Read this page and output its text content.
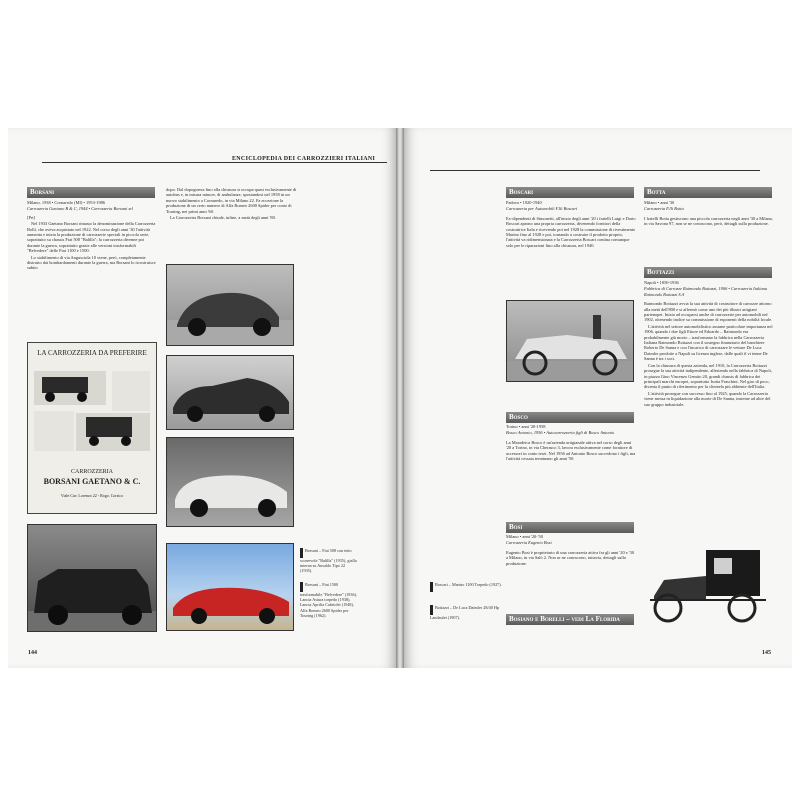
ENCICLOPEDIA DEI CARROZZIERI ITALIANI
Borsani

Milano, 1938 • Cornaredo (MI) • 1953-1986

Carrozzeria Gaetano B & C, 1944 • Carrozzeria Borsani srl

[Prt]

Nel 1933 Gaetano Borsani rimasto la denominazione della Carrozzeria Bolli, che aveva acquistato nel 1922. Nel corso degli anni '30 l'attività aumenta e inizia la produzione di carrozzerie speciali in piccola serie, soprattutto su chassis Fiat 508 "Balilla"; la carrozzeria divenne poi durante la guerra, soprattutto grazie alle versioni trasformabili "Belvedere" delle Fiat 1100 e 1500.

Lo stabilimento di via Angusciola 10 viene, però, completamente distrutto dai bombardamenti durante la guerra, ma Borsani lo ricostruisce subito

dopo. Dal dopoguerra fino alla chiusura si occupa quasi esclusivamente di autobus e, in misura minore, di ambulanze, spostandosi nel 1958 in un nuovo stabilimento a Cornaredo, in via Milano 22. Fa eccezione la produzione di un certo numero di Alfa Romeo 2600 Spider per conto di Touring, nei primi anni '60.

La Carrozzeria Borsani chiude, infine, a metà degli anni '80.

LA CARROZZERIA DA PREFERIRE
CARROZZERIA
BORSANI GAETANO & C.
Viale Cav. Lorenzo 22 - Rogo. Corsico
Borsani – Fiat 508 con tetto scorrevole "Balilla" (1935), gialla interna su Ansaldo Tipo 22 (1935).
Borsani – Fiat 1500 trasformabile "Belvedere" (1936), Lancia Astura torpedo (1938), Lancia Aprilia Cabriolet (1948), Alfa Romeo 2600 Spider per Touring (1962).
144
Boscari

Padova • 1920-1940

Carrozzeria per Automobili F.lli Boscari

Ex-dipendenti di Simonetti, all'inizio degli anni '20 i fratelli Luigi e Dario Boscari aprono una propria carrozzeria, divenendo fornitori della costruttrice Itala e ricevendo poi nel 1928 la commissione di rivestimento Marino fino al 1928 e poi, tornando a costruire il prodotto proprio, l'attività va ridimensionata e la Carrozzeria Boscari contina comunque solo per le riparazioni fino alla chiusura, nel 1940.

Bosco

Torino • anni '20-1958

Bosco Antonio, 1956 • Autocarrozzeria figli di Bosco Antonio

La Maradeica Bosco è un'azienda artigianale attiva nel corso degli anni '20 a Torino, in via Cherasco 3, lavora esclusivamente come fornitore di accessori in conto terzi. Nel 1956 ad Antonio Bosco succedono i figli, ma l'attività cessata terminano gli anni '50.

Bosi

Milano • anni '20-'30

Carrozzeria Eugenio Bosi

Eugenio Bosi è proprietario di una carrozzeria attiva fra gli anni '20 e '30 a Milano, in via Salò 2. Non se ne conoscono, tuttavia, dettagli sulla produzione.

Bosiano e Borelli – vedi La Florida
Boscari – Marino 1100 Torpedo (1927).
Bottazzi – De Luca Daimler 28/40 Hp Landaulet (1907).
Botta

Milano • anni '30

Carrozzeria F.lli Botta

I fratelli Botta gestiscono una piccola carrozzeria negli anni '30 a Milano, in via Savona 97, non se ne conoscono, però, dettagli sulla produzione.

Bottazzi

Napoli • 1850-1936

Fabbrica di Carrozze Raimondo Bottazzi, 1906 • Carrozzeria Italiana Raimondo Bottazzi S.A

Raimondo Bottazzi avvia la sua attività di costruttore di carrozze attorno alla metà dell'800 e si affermò come uno dei più illustri artigiani partenopei. Inizia ad occuparsi anche di carrozzerie per automobili nel 1902, ottenendo inoltre su commissione di esponenti della nobiltà locale.

L'attività nel settore automobilistico assume particolare importanza nel 1906, quando i due figli Ettore ed Edoardo – Raimondo era probabilmente già morto – trasformano la fabbrica nella Carrozzeria Italiana Raimondo Bottazzi con il sostegno finanziario del banchiere Roberto De Sanna e con l'incarico di carrozzare le vetture De Luca Daimler prodotte a Napoli su licenza inglese, dalle quali il vi tenne De Sanna è tra i soci.

Con la chiusura di questa azienda, nel 1910, la Carrozzeria Bottazzi prosegue la sua attività indipendente, allestendo nella fabbrica di Napoli, in piazza Gino Vincenzo Gemito 20, grandi chassis di fabbrica dei principali marchi europei, soprattutto Isotta Fraschini. Nel giro di poco, diventa il punto di riferimento per la clientela più abbiente dell'Italia.

L'attività prosegue con successo fino al 1925, quando la Carrozzeria viene messa in liquidazione alla morte di De Sanna, insieme ad altre del suo gruppo industriale.

145
